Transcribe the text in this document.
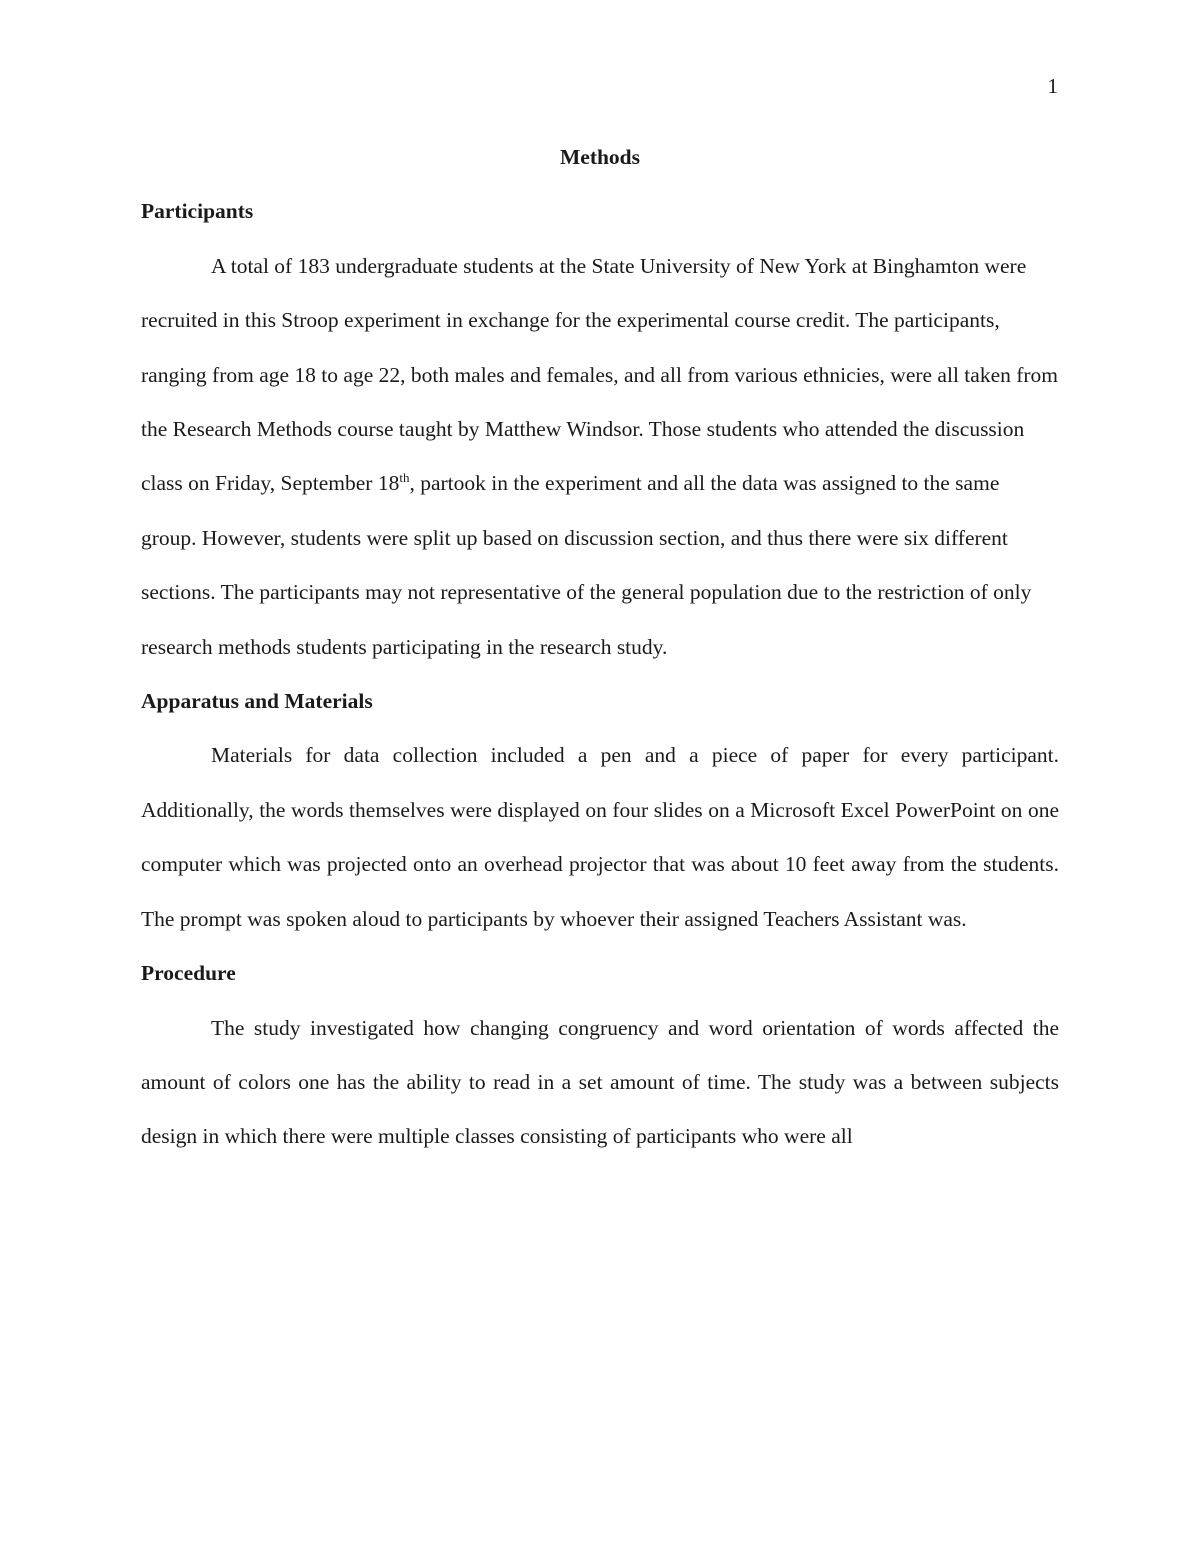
1

Methods

Participants

A total of 183 undergraduate students at the State University of New York at Binghamton were recruited in this Stroop experiment in exchange for the experimental course credit. The participants, ranging from age 18 to age 22, both males and females, and all from various ethnicies, were all taken from the Research Methods course taught by Matthew Windsor. Those students who attended the discussion class on Friday, September 18th, partook in the experiment and all the data was assigned to the same group. However, students were split up based on discussion section, and thus there were six different sections. The participants may not representative of the general population due to the restriction of only research methods students participating in the research study.

Apparatus and Materials

Materials for data collection included a pen and a piece of paper for every participant. Additionally, the words themselves were displayed on four slides on a Microsoft Excel PowerPoint on one computer which was projected onto an overhead projector that was about 10 feet away from the students. The prompt was spoken aloud to participants by whoever their assigned Teachers Assistant was.

Procedure

The study investigated how changing congruency and word orientation of words affected the amount of colors one has the ability to read in a set amount of time. The study was a between subjects design in which there were multiple classes consisting of participants who were all
